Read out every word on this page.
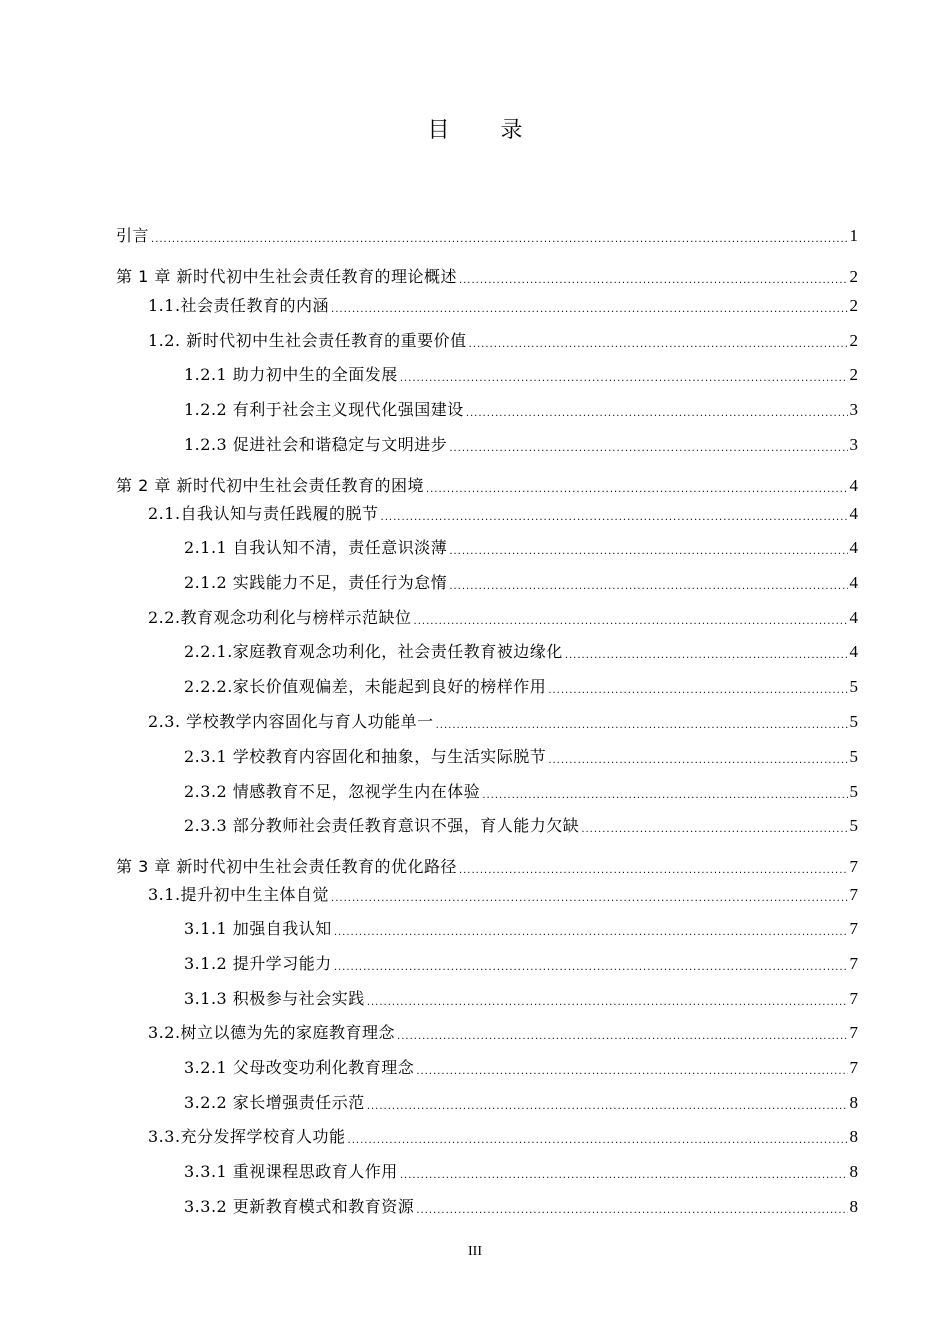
目 录
引言 .....	1
第 1 章 新时代初中生社会责任教育的理论概述 .....	2
1.1.社会责任教育的内涵 .....	2
1.2. 新时代初中生社会责任教育的重要价值 .....	2
1.2.1 助力初中生的全面发展 .....	2
1.2.2 有利于社会主义现代化强国建设 .....	3
1.2.3 促进社会和谐稳定与文明进步 .....	3
第 2 章 新时代初中生社会责任教育的困境 .....	4
2.1.自我认知与责任践履的脱节 .....	4
2.1.1 自我认知不清，责任意识淡薄 .....	4
2.1.2 实践能力不足，责任行为怠惰 .....	4
2.2.教育观念功利化与榜样示范缺位 .....	4
2.2.1.家庭教育观念功利化，社会责任教育被边缘化 .....	4
2.2.2.家长价值观偏差，未能起到良好的榜样作用 .....	5
2.3. 学校教学内容固化与育人功能单一 .....	5
2.3.1 学校教育内容固化和抽象，与生活实际脱节 .....	5
2.3.2 情感教育不足，忽视学生内在体验 .....	5
2.3.3 部分教师社会责任教育意识不强，育人能力欠缺 .....	5
第 3 章 新时代初中生社会责任教育的优化路径 .....	7
3.1.提升初中生主体自觉 .....	7
3.1.1 加强自我认知 .....	7
3.1.2 提升学习能力 .....	7
3.1.3 积极参与社会实践 .....	7
3.2.树立以德为先的家庭教育理念 .....	7
3.2.1 父母改变功利化教育理念 .....	7
3.2.2 家长增强责任示范 .....	8
3.3.充分发挥学校育人功能 .....	8
3.3.1 重视课程思政育人作用 .....	8
3.3.2 更新教育模式和教育资源 .....	8
III
